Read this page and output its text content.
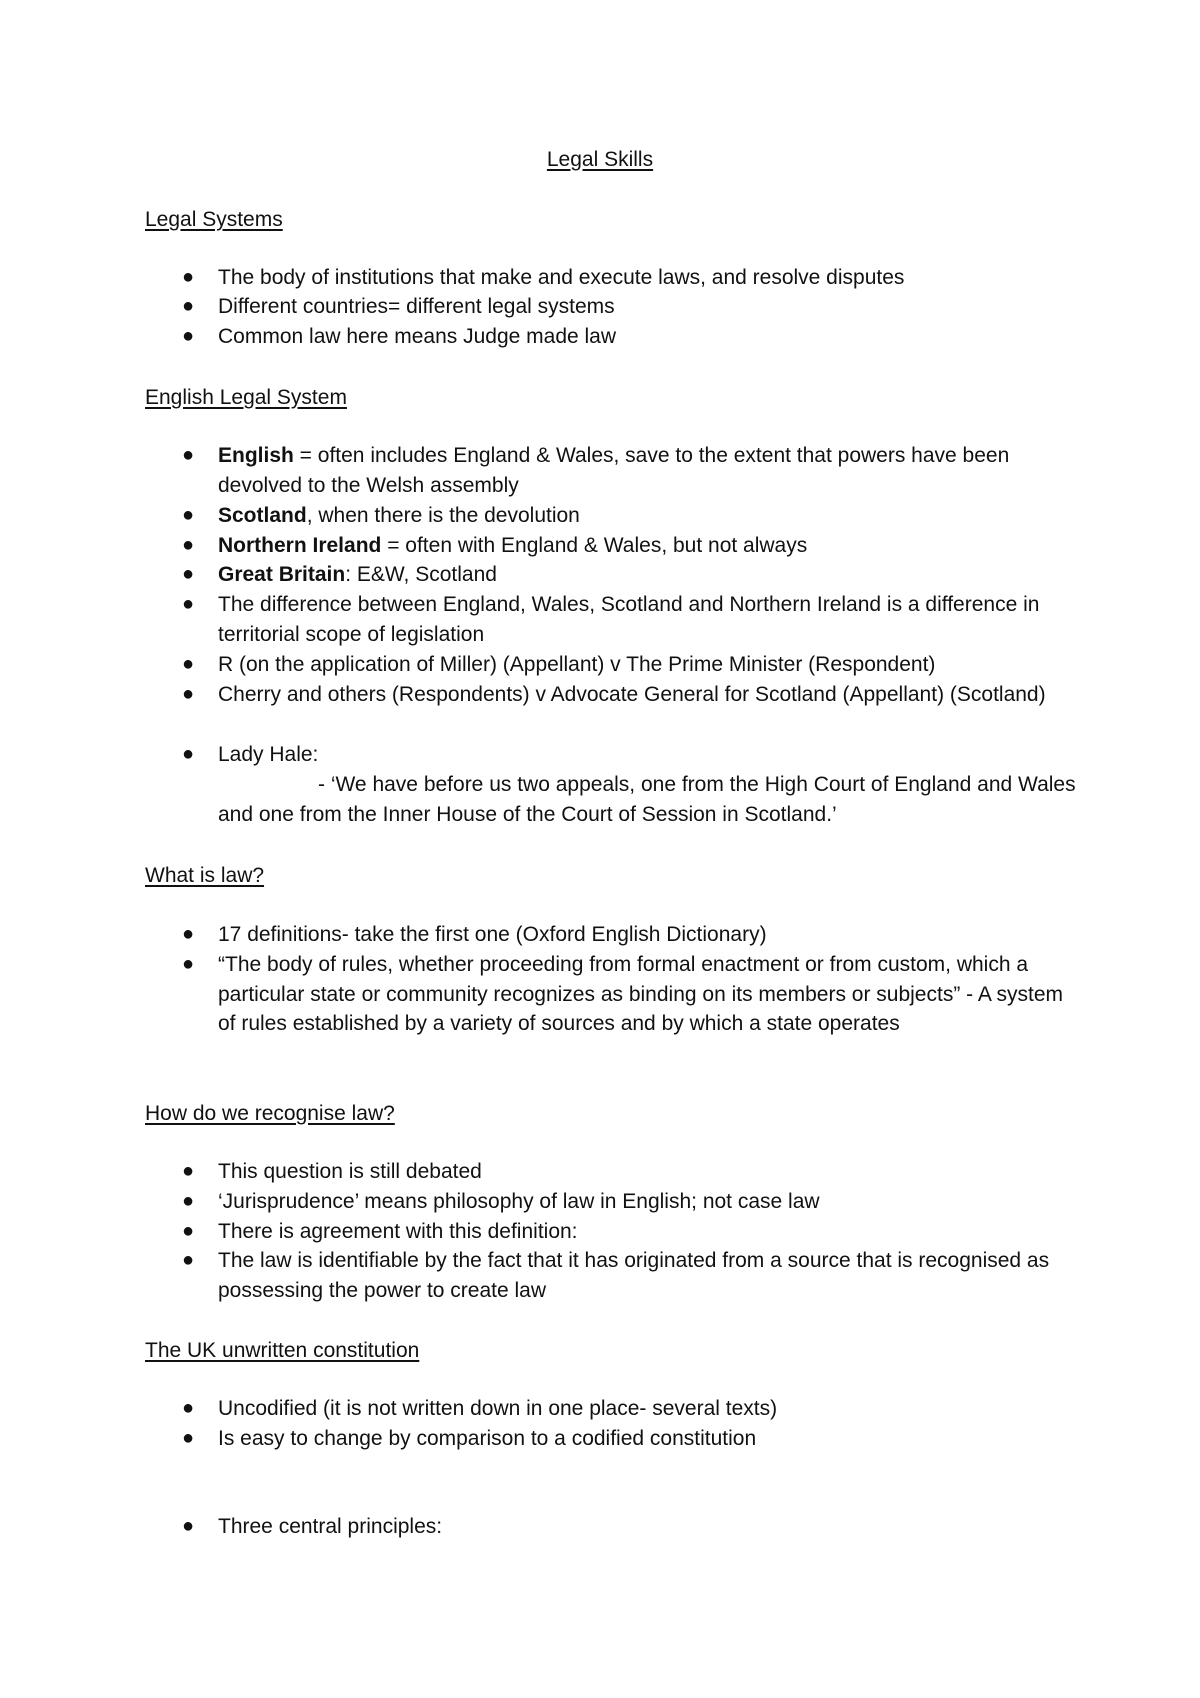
Legal Skills
Legal Systems
● The body of institutions that make and execute laws, and resolve disputes
● Different countries= different legal systems
● Common law here means Judge made law
English Legal System
● English = often includes England & Wales, save to the extent that powers have been devolved to the Welsh assembly
● Scotland, when there is the devolution
● Northern Ireland = often with England & Wales, but not always
● Great Britain: E&W, Scotland
● The difference between England, Wales, Scotland and Northern Ireland is a difference in territorial scope of legislation
● R (on the application of Miller) (Appellant) v The Prime Minister (Respondent)
● Cherry and others (Respondents) v Advocate General for Scotland (Appellant) (Scotland)
● Lady Hale:
- ‘We have before us two appeals, one from the High Court of England and Wales and one from the Inner House of the Court of Session in Scotland.’
What is law?
● 17 definitions- take the first one (Oxford English Dictionary)
● “The body of rules, whether proceeding from formal enactment or from custom, which a particular state or community recognizes as binding on its members or subjects” - A system of rules established by a variety of sources and by which a state operates
How do we recognise law?
● This question is still debated
● ‘Jurisprudence’ means philosophy of law in English; not case law
● There is agreement with this definition:
● The law is identifiable by the fact that it has originated from a source that is recognised as possessing the power to create law
The UK unwritten constitution
● Uncodified (it is not written down in one place- several texts)
● Is easy to change by comparison to a codified constitution
● Three central principles:
